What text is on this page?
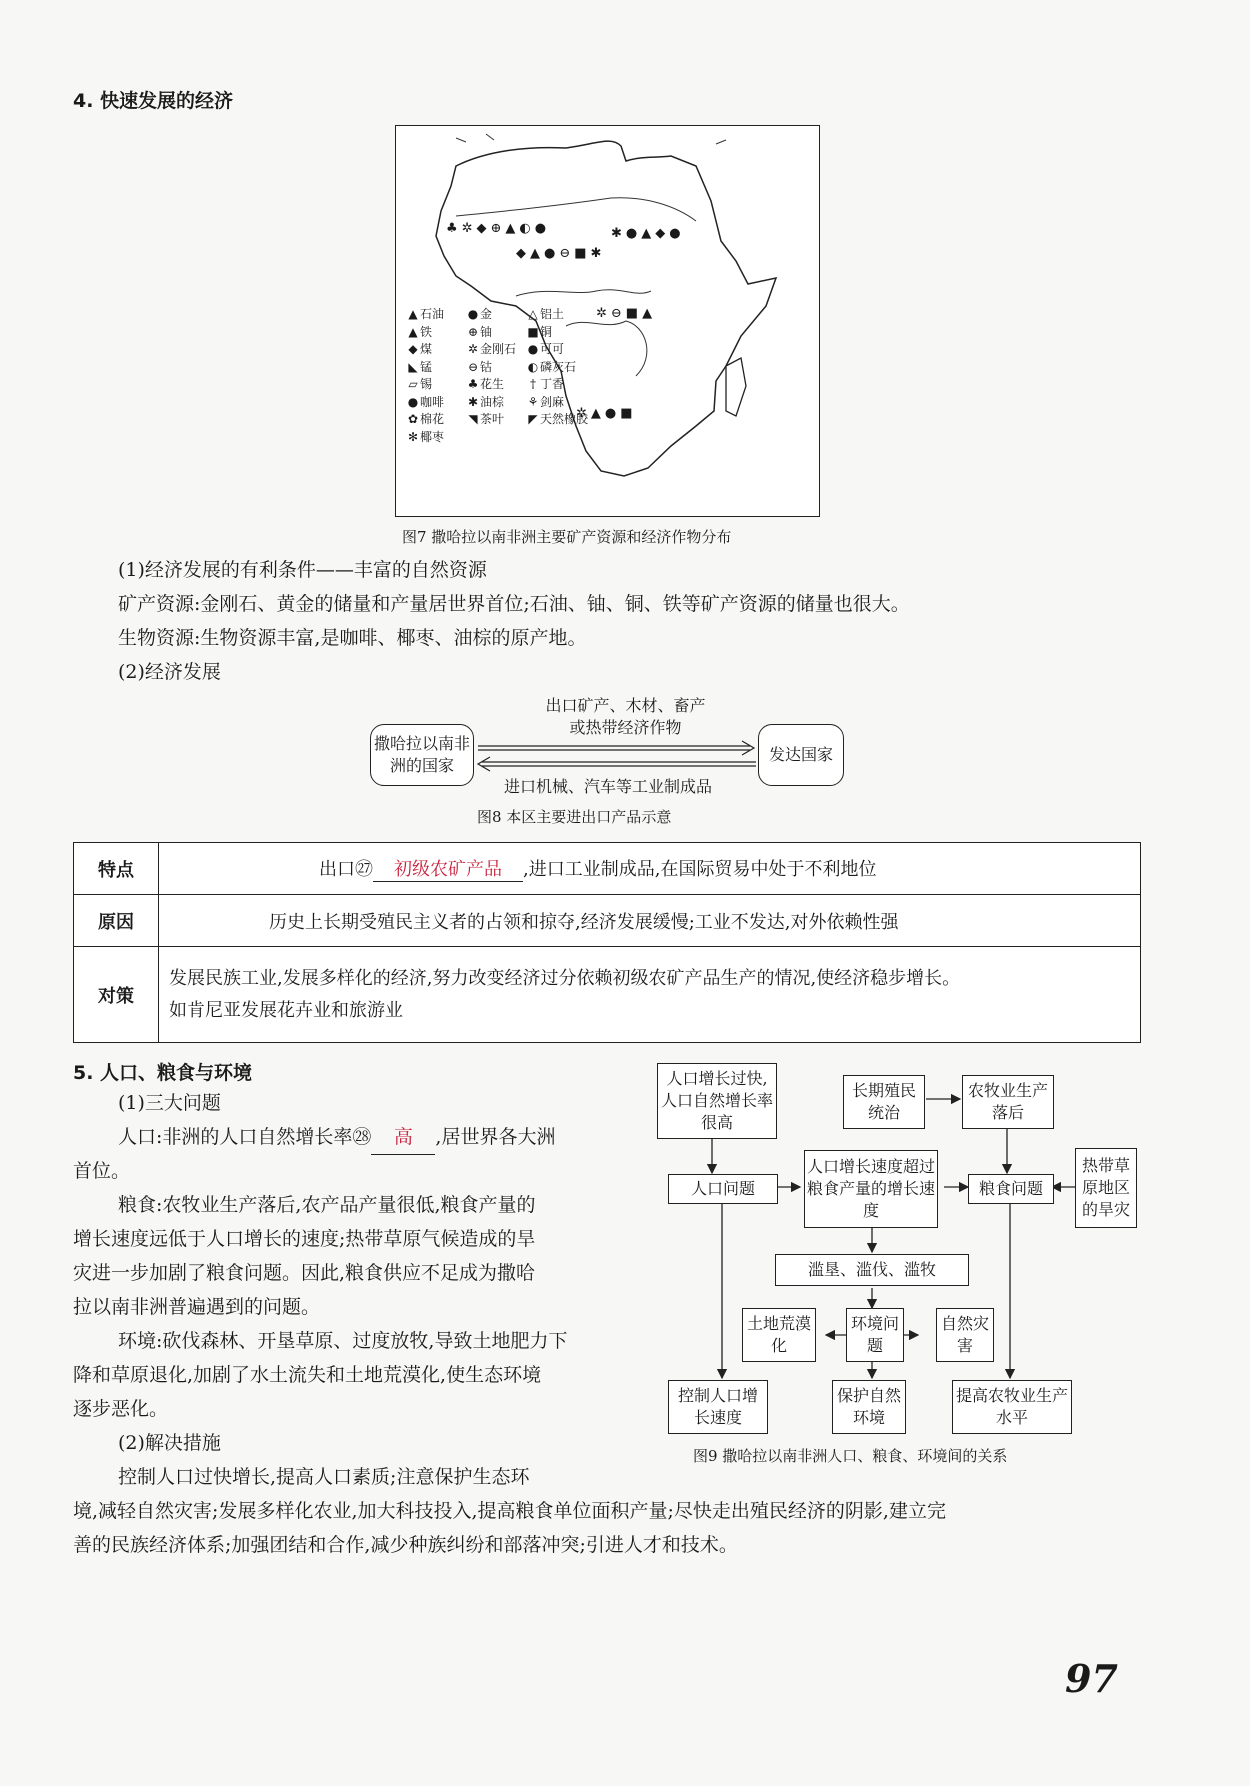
4. 快速发展的经济
♣✲◆⊕▲◐●
◆▲●⊖■✱
✱●▲◆●
✲⊖■▲
✲▲●■
▲ 石油	● 金	△ 铝土
▲ 铁	⊕ 铀	■铜
◆ 煤	✲ 金刚石 ● 可可
◣ 锰	⊖ 钴	◐ 磷灰石
▱ 锡	♣ 花生	† 丁香
● 咖啡	✱ 油棕	⚘ 剑麻
✿ 棉花	◥ 茶叶	◤ 天然橡胶
✻ 椰枣
图7 撒哈拉以南非洲主要矿产资源和经济作物分布
(1)经济发展的有利条件——丰富的自然资源
矿产资源:金刚石、黄金的储量和产量居世界首位;石油、铀、铜、铁等矿产资源的储量也很大。
生物资源:生物资源丰富,是咖啡、椰枣、油棕的原产地。
(2)经济发展
撒哈拉以南非洲的国家
发达国家
出口矿产、木材、畜产或热带经济作物
进口机械、汽车等工业制成品
图8 本区主要进出口产品示意
特点	出口㉗ 初级农矿产品 ,进口工业制成品,在国际贸易中处于不利地位
原因	历史上长期受殖民主义者的占领和掠夺,经济发展缓慢;工业不发达,对外依赖性强
对策	发展民族工业,发展多样化的经济,努力改变经济过分依赖初级农矿产品生产的情况,使经济稳步增长。
如肯尼亚发展花卉业和旅游业
5. 人口、粮食与环境
(1)三大问题
人口:非洲的人口自然增长率㉘ 高 ,居世界各大洲
首位。
粮食:农牧业生产落后,农产品产量很低,粮食产量的
增长速度远低于人口增长的速度;热带草原气候造成的旱
灾进一步加剧了粮食问题。因此,粮食供应不足成为撒哈
拉以南非洲普遍遇到的问题。
环境:砍伐森林、开垦草原、过度放牧,导致土地肥力下
降和草原退化,加剧了水土流失和土地荒漠化,使生态环境
逐步恶化。
(2)解决措施
控制人口过快增长,提高人口素质;注意保护生态环
境,减轻自然灾害;发展多样化农业,加大科技投入,提高粮食单位面积产量;尽快走出殖民经济的阴影,建立完
善的民族经济体系;加强团结和合作,减少种族纠纷和部落冲突;引进人才和技术。
人口增长过快,人口自然增长率很高
长期殖民统治
农牧业生产落后
人口问题
人口增长速度超过粮食产量的增长速度
粮食问题
热带草原地区的旱灾
滥垦、滥伐、滥牧
土地荒漠化
环境问题
自然灾害
控制人口增长速度
保护自然环境
提高农牧业生产水平
图9 撒哈拉以南非洲人口、粮食、环境间的关系
97
